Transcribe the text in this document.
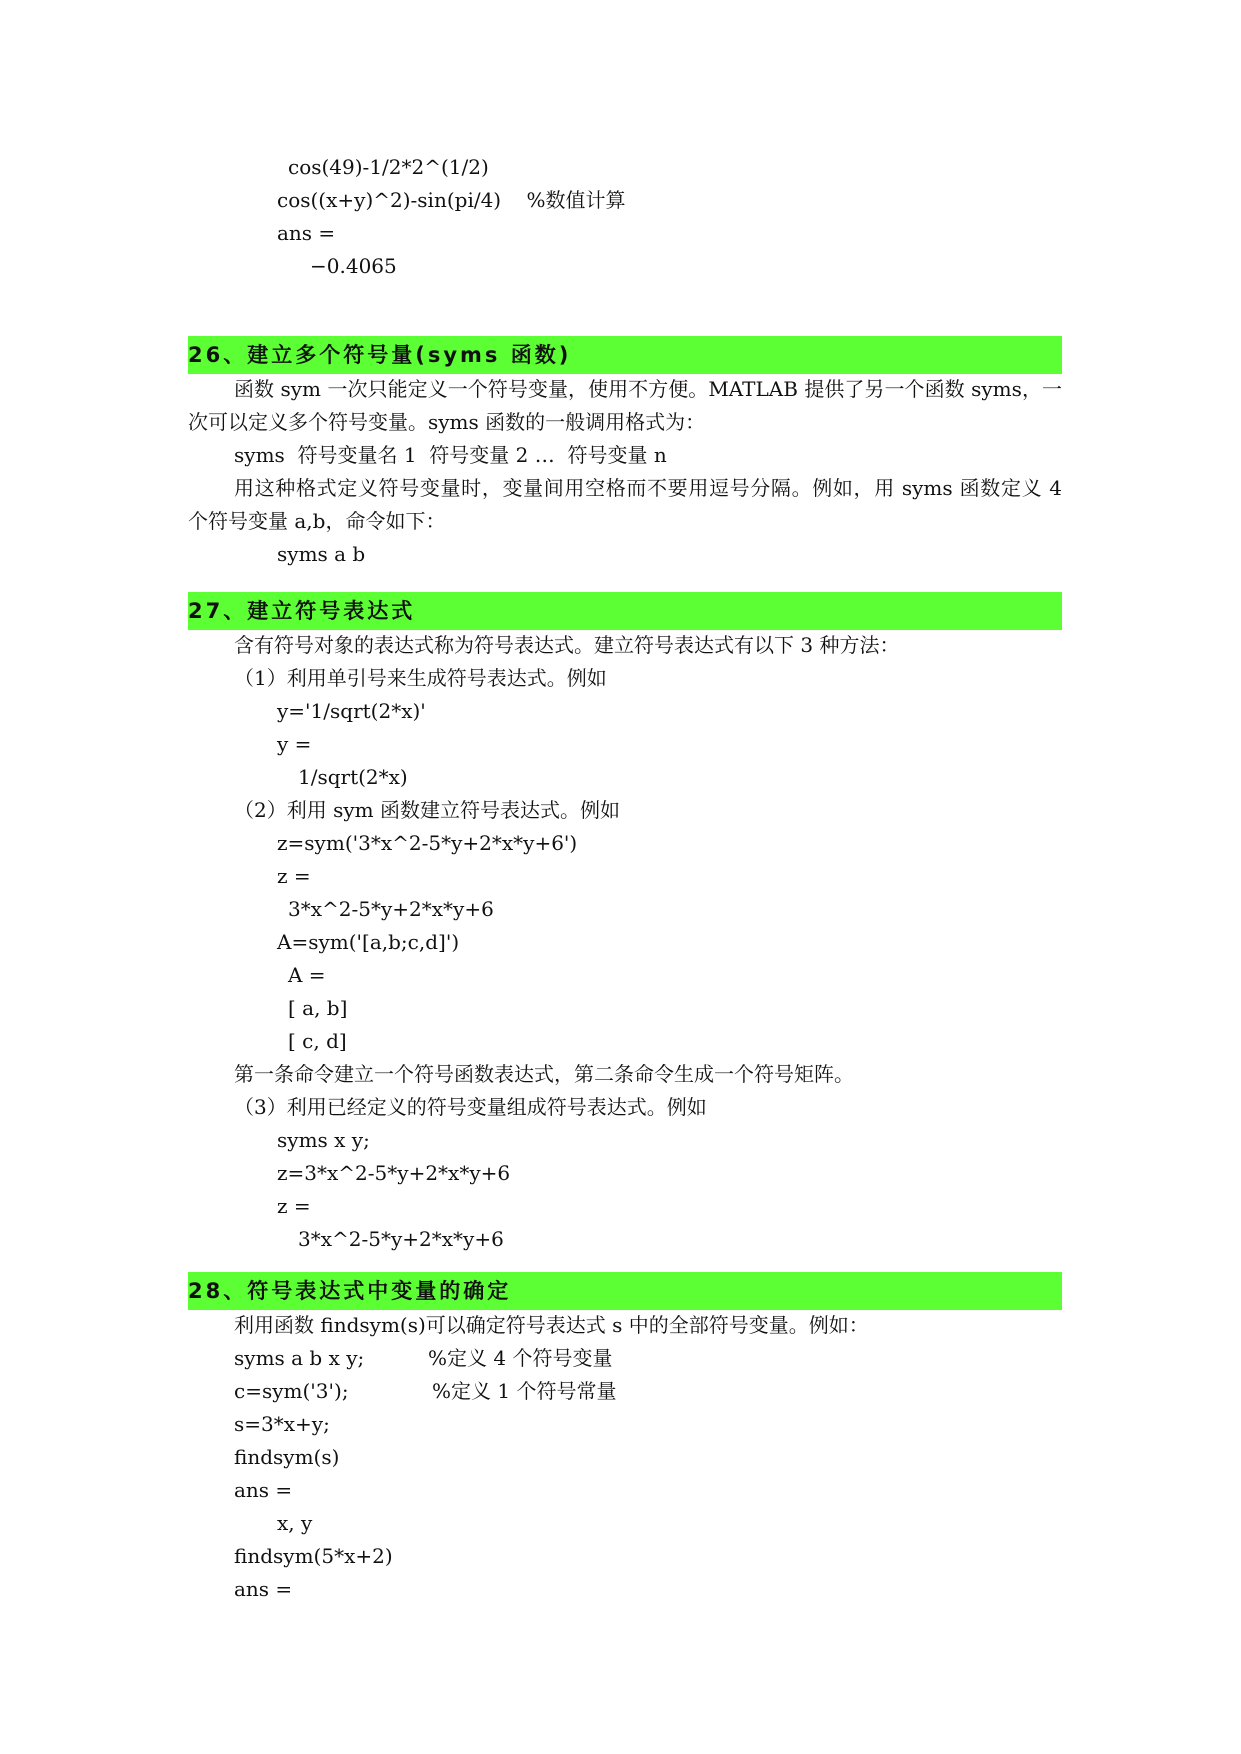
cos(49)-1/2*2^(1/2)
cos((x+y)^2)-sin(pi/4)    %数值计算
ans =
−0.4065
26、建立多个符号量(syms 函数)
函数 sym 一次只能定义一个符号变量，使用不方便。MATLAB 提供了另一个函数 syms，一次可以定义多个符号变量。syms 函数的一般调用格式为：
syms  符号变量名 1  符号变量 2 …  符号变量 n
用这种格式定义符号变量时，变量间用空格而不要用逗号分隔。例如，用 syms 函数定义 4 个符号变量 a,b，命令如下：
syms a b
27、建立符号表达式
含有符号对象的表达式称为符号表达式。建立符号表达式有以下 3 种方法：
（1）利用单引号来生成符号表达式。例如
y='1/sqrt(2*x)'
y =
1/sqrt(2*x)
（2）利用 sym 函数建立符号表达式。例如
z=sym('3*x^2-5*y+2*x*y+6')
z =
3*x^2-5*y+2*x*y+6
A=sym('[a,b;c,d]')
A =
[ a, b]
[ c, d]
第一条命令建立一个符号函数表达式，第二条命令生成一个符号矩阵。
（3）利用已经定义的符号变量组成符号表达式。例如
syms x y;
z=3*x^2-5*y+2*x*y+6
z =
3*x^2-5*y+2*x*y+6
28、符号表达式中变量的确定
利用函数 findsym(s)可以确定符号表达式 s 中的全部符号变量。例如：
syms a b x y;	%定义 4 个符号变量
c=sym('3');	%定义 1 个符号常量
s=3*x+y;
findsym(s)
ans =
x, y
findsym(5*x+2)
ans =
